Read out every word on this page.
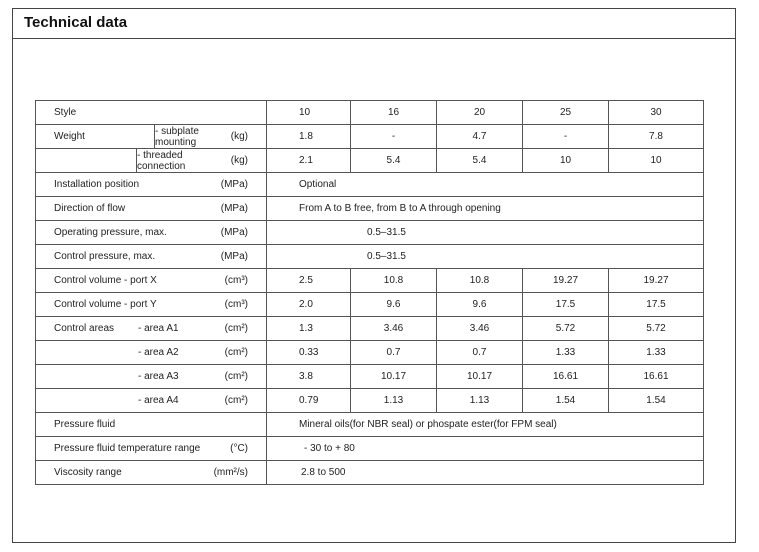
Technical data
Style	10	16	20	25	30

Weight - subplate mounting (kg)	1.8	-	4.7	-	7.8

- threaded connection (kg)	2.1	5.4	5.4	10	10

Installation position (MPa)	Optional				

Direction of flow (MPa)	From A to B free, from B to A through opening				

Operating pressure, max. (MPa)	0.5–31.5				

Control pressure, max. (MPa)	0.5–31.5				

Control volume - port X (cm³)	2.5	10.8	10.8	19.27	19.27

Control volume - port Y (cm³)	2.0	9.6	9.6	17.5	17.5

Control areas - area A1 (cm²)	1.3	3.46	3.46	5.72	5.72

- area A2 (cm²)	0.33	0.7	0.7	1.33	1.33

- area A3 (cm²)	3.8	10.17	10.17	16.61	16.61

- area A4 (cm²)	0.79	1.13	1.13	1.54	1.54
Pressure fluid	Mineral oils(for NBR seal) or phospate ester(for FPM seal)				

Pressure fluid temperature range (°C)	- 30 to + 80				

Viscosity range (mm²/s)	2.8 to 500				
